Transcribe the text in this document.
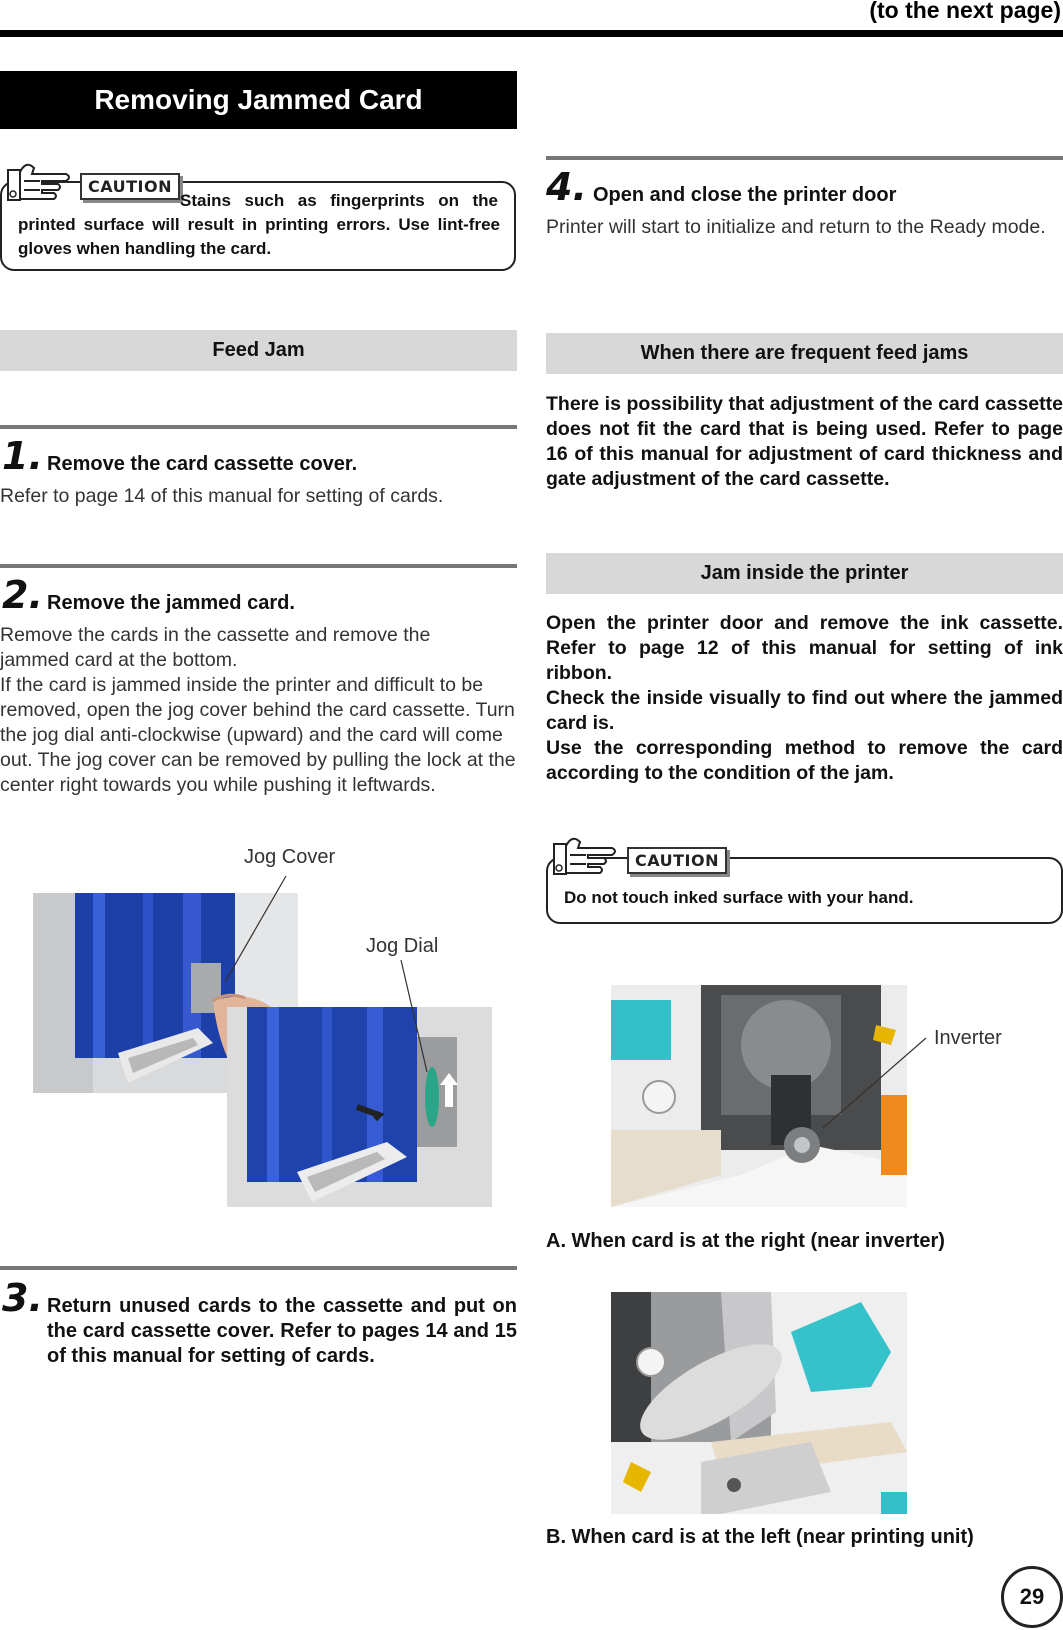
(to the next page)
Removing Jammed Card
CAUTION
Stains such as fingerprints on the
printed surface will result in printing errors. Use lint-free gloves when handling the card.
Feed Jam
1. Remove the card cassette cover.
Refer to page 14 of this manual for setting of cards.
2. Remove the jammed card.
Remove the cards in the cassette and remove the jammed card at the bottom.
If the card is jammed inside the printer and difficult to be removed, open the jog cover behind the card cassette. Turn the jog dial anti-clockwise (upward) and the card will come out. The jog cover can be removed by pulling the lock at the center right towards you while pushing it leftwards.
Jog Cover
Jog Dial
3. Return unused cards to the cassette and put on the card cassette cover. Refer to pages 14 and 15 of this manual for setting of cards.
4. Open and close the printer door
Printer will start to initialize and return to the Ready mode.
When there are frequent feed jams
There is possibility that adjustment of the card cassette does not fit the card that is being used. Refer to page 16 of this manual for adjustment of card thickness and gate adjustment of the card cassette.
Jam inside the printer
Open the printer door and remove the ink cassette. Refer to page 12 of this manual for setting of ink ribbon.
Check the inside visually to find out where the jammed card is.
Use the corresponding method to remove the card according to the condition of the jam.
CAUTION
Do not touch inked surface with your hand.
Inverter
A. When card is at the right (near inverter)
B. When card is at the left (near printing unit)
29
